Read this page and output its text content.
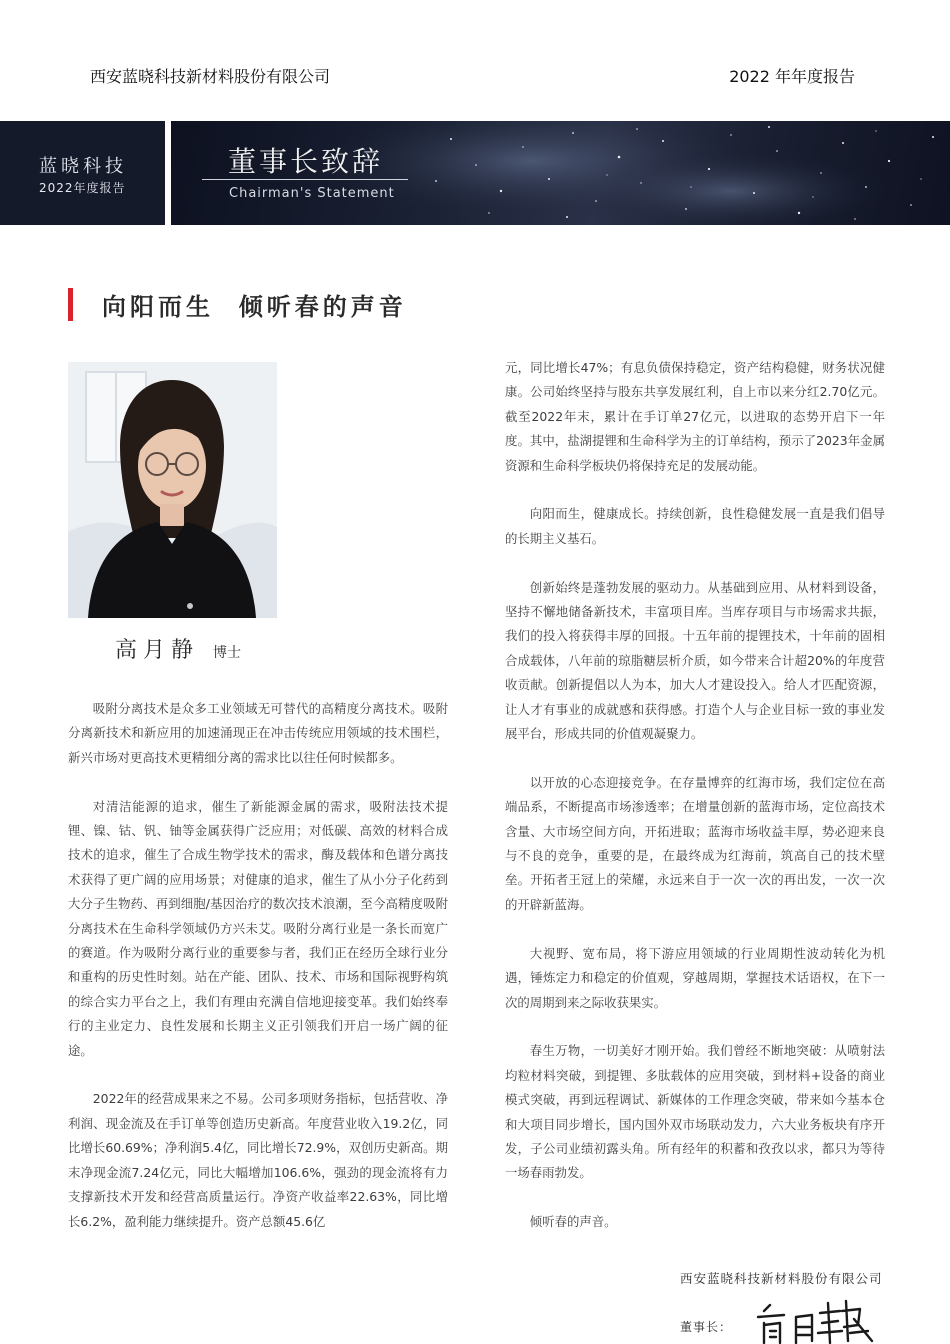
西安蓝晓科技新材料股份有限公司	2022 年年度报告
蓝晓科技
2022年度报告
董事长致辞
Chairman's Statement
向阳而生  倾听春的声音
高月静 博士

吸附分离技术是众多工业领域无可替代的高精度分离技术。吸附分离新技术和新应用的加速涌现正在冲击传统应用领域的技术围栏，新兴市场对更高技术更精细分离的需求比以往任何时候都多。

对清洁能源的追求，催生了新能源金属的需求，吸附法技术提锂、镍、钴、钒、铀等金属获得广泛应用；对低碳、高效的材料合成技术的追求，催生了合成生物学技术的需求，酶及载体和色谱分离技术获得了更广阔的应用场景；对健康的追求，催生了从小分子化药到大分子生物药、再到细胞/基因治疗的数次技术浪潮，至今高精度吸附分离技术在生命科学领域仍方兴未艾。吸附分离行业是一条长而宽广的赛道。作为吸附分离行业的重要参与者，我们正在经历全球行业分和重构的历史性时刻。站在产能、团队、技术、市场和国际视野构筑的综合实力平台之上，我们有理由充满自信地迎接变革。我们始终奉行的主业定力、良性发展和长期主义正引领我们开启一场广阔的征途。

2022年的经营成果来之不易。公司多项财务指标，包括营收、净利润、现金流及在手订单等创造历史新高。年度营业收入19.2亿，同比增长60.69%；净利润5.4亿，同比增长72.9%，双创历史新高。期末净现金流7.24亿元，同比大幅增加106.6%，强劲的现金流将有力支撑新技术开发和经营高质量运行。净资产收益率22.63%，同比增长6.2%，盈利能力继续提升。资产总额45.6亿

元，同比增长47%；有息负债保持稳定，资产结构稳健，财务状况健康。公司始终坚持与股东共享发展红利，自上市以来分红2.70亿元。截至2022年末，累计在手订单27亿元，以进取的态势开启下一年度。其中，盐湖提锂和生命科学为主的订单结构，预示了2023年金属资源和生命科学板块仍将保持充足的发展动能。

向阳而生，健康成长。持续创新，良性稳健发展一直是我们倡导的长期主义基石。

创新始终是蓬勃发展的驱动力。从基础到应用、从材料到设备，坚持不懈地储备新技术，丰富项目库。当库存项目与市场需求共振，我们的投入将获得丰厚的回报。十五年前的提锂技术，十年前的固相合成载体，八年前的琼脂糖层析介质，如今带来合计超20%的年度营收贡献。创新提倡以人为本，加大人才建设投入。给人才匹配资源，让人才有事业的成就感和获得感。打造个人与企业目标一致的事业发展平台，形成共同的价值观凝聚力。

以开放的心态迎接竞争。在存量博弈的红海市场，我们定位在高端品系，不断提高市场渗透率；在增量创新的蓝海市场，定位高技术含量、大市场空间方向，开拓进取；蓝海市场收益丰厚，势必迎来良与不良的竞争，重要的是，在最终成为红海前，筑高自己的技术壁垒。开拓者王冠上的荣耀，永远来自于一次一次的再出发，一次一次的开辟新蓝海。

大视野、宽布局，将下游应用领域的行业周期性波动转化为机遇，锤炼定力和稳定的价值观，穿越周期，掌握技术话语权，在下一次的周期到来之际收获果实。

春生万物，一切美好才刚开始。我们曾经不断地突破：从喷射法均粒材料突破，到提锂、多肽载体的应用突破，到材料+设备的商业模式突破，再到远程调试、新媒体的工作理念突破，带来如今基本仓和大项目同步增长，国内国外双市场联动发力，六大业务板块有序开发，子公司业绩初露头角。所有经年的积蓄和孜孜以求，都只为等待一场春雨勃发。

倾听春的声音。

西安蓝晓科技新材料股份有限公司
董事长：
